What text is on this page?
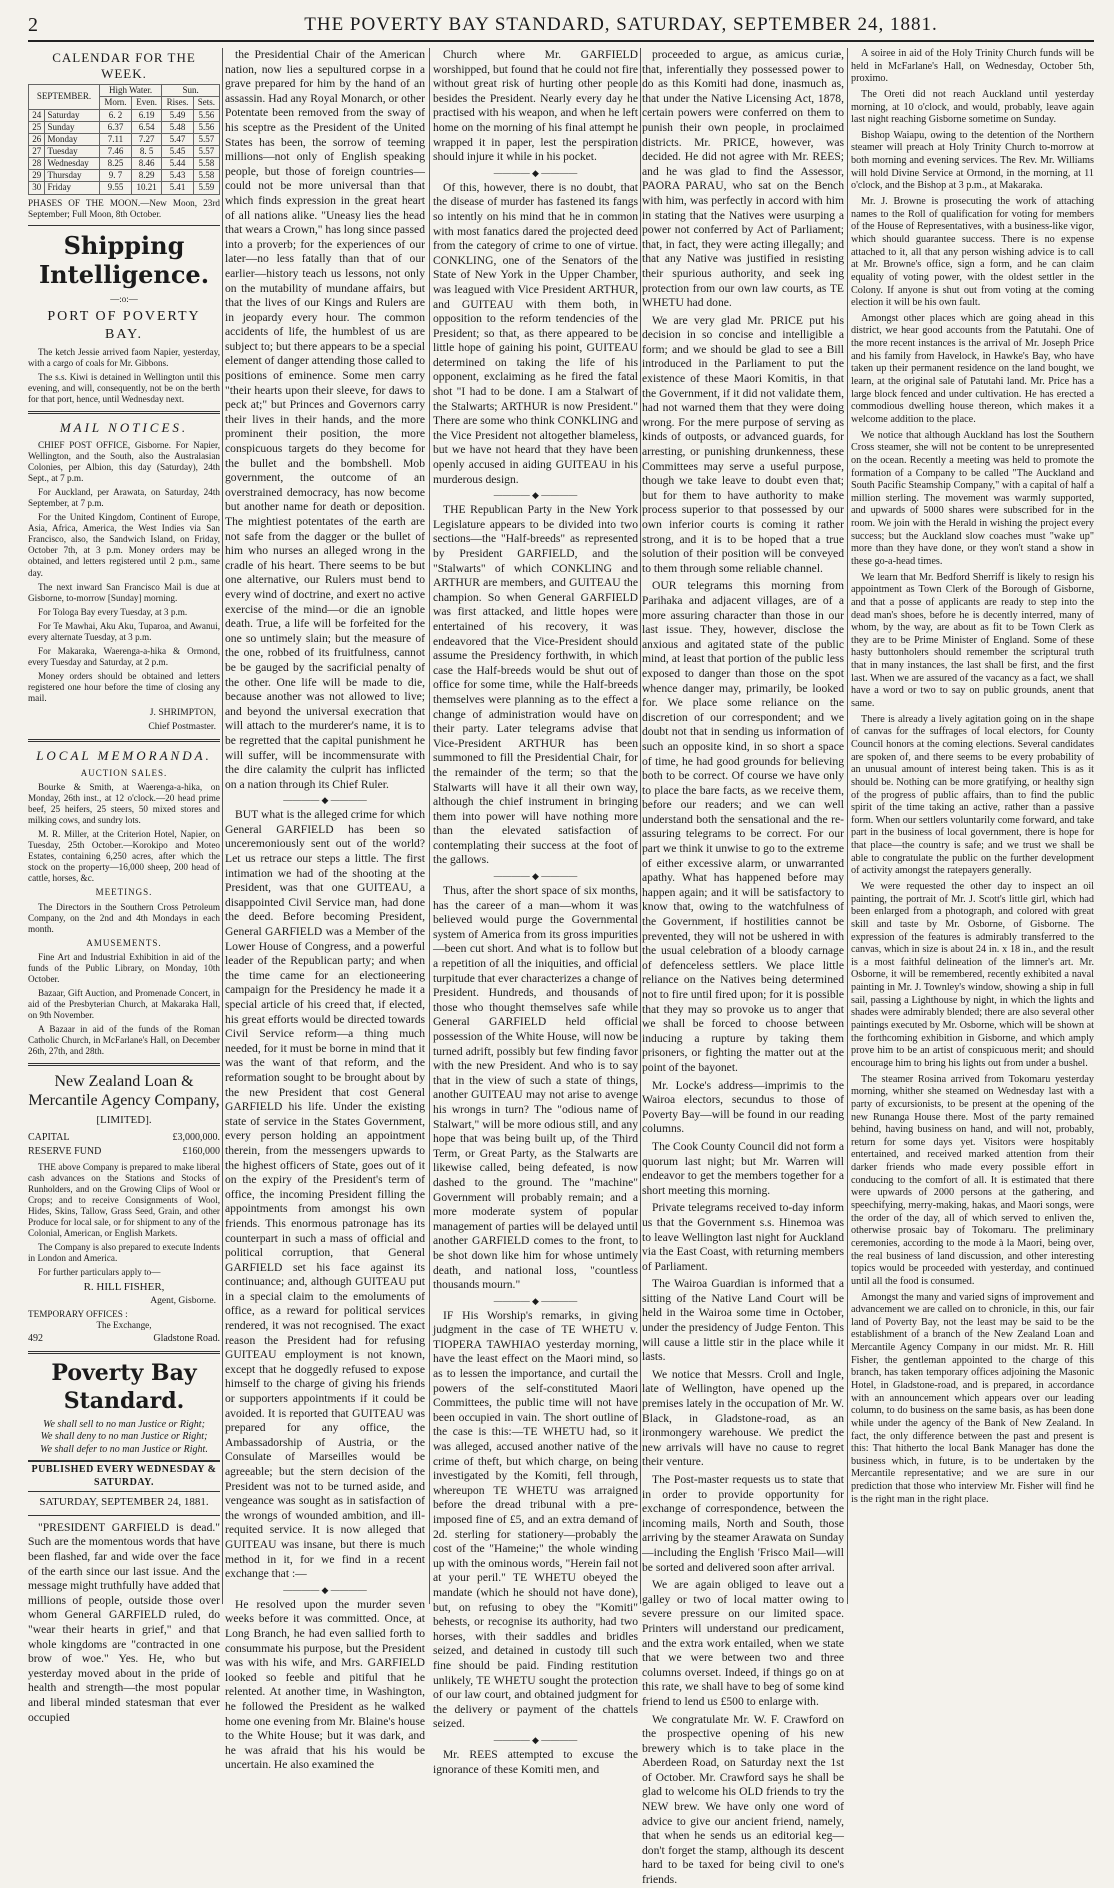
2	THE POVERTY BAY STANDARD, SATURDAY, SEPTEMBER 24, 1881.
CALENDAR FOR THE WEEK.
SEPTEMBER.		High Water.		Sun.	
		Morn.	Even.	Rises.	Sets.
24	Saturday	6. 2	6.19	5.49	5.56
25	Sunday	6.37	6.54	5.48	5.56
26	Monday	7.11	7.27	5.47	5.57
27	Tuesday	7.46	8. 5	5.45	5.57
28	Wednesday	8.25	8.46	5.44	5.58
29	Thursday	9. 7	8.29	5.43	5.58
30	Friday	9.55	10.21	5.41	5.59

PHASES OF THE MOON.—New Moon, 23rd September; Full Moon, 8th October.

Shipping Intelligence.
—:o:—
PORT OF POVERTY BAY.

The ketch Jessie arrived faom Napier, yesterday, with a cargo of coals for Mr. Gibbons.

The s.s. Kiwi is detained in Wellington until this evening, and will, consequently, not be on the berth for that port, hence, until Wednesday next.

MAIL NOTICES.

CHIEF POST OFFICE, Gisborne. For Napier, Wellington, and the South, also the Australasian Colonies, per Albion, this day (Saturday), 24th Sept., at 7 p.m.

For Auckland, per Arawata, on Saturday, 24th September, at 7 p.m.

For the United Kingdom, Continent of Europe, Asia, Africa, America, the West Indies via San Francisco, also, the Sandwich Island, on Friday, October 7th, at 3 p.m. Money orders may be obtained, and letters registered until 2 p.m., same day.

The next inward San Francisco Mail is due at Gisborne, to-morrow [Sunday] morning.

For Tologa Bay every Tuesday, at 3 p.m.

For Te Mawhai, Aku Aku, Tuparoa, and Awanui, every alternate Tuesday, at 3 p.m.

For Makaraka, Waerenga-a-hika & Ormond, every Tuesday and Saturday, at 2 p.m.

Money orders should be obtained and letters registered one hour before the time of closing any mail.

J. SHRIMPTON,
Chief Postmaster.
LOCAL MEMORANDA.
AUCTION SALES.

Bourke & Smith, at Waerenga-a-hika, on Monday, 26th inst., at 12 o'clock.—20 head prime beef, 25 heifers, 25 steers, 50 mixed stores and milking cows, and sundry lots.

M. R. Miller, at the Criterion Hotel, Napier, on Tuesday, 25th October.—Korokipo and Moteo Estates, containing 6,250 acres, after which the stock on the property—16,000 sheep, 200 head of cattle, horses, &c.

MEETINGS.

The Directors in the Southern Cross Petroleum Company, on the 2nd and 4th Mondays in each month.

AMUSEMENTS.

Fine Art and Industrial Exhibition in aid of the funds of the Public Library, on Monday, 10th October.

Bazaar, Gift Auction, and Promenade Concert, in aid of the Presbyterian Church, at Makaraka Hall, on 9th November.

A Bazaar in aid of the funds of the Roman Catholic Church, in McFarlane's Hall, on December 26th, 27th, and 28th.

New Zealand Loan & Mercantile Agency Company,
[LIMITED].
CAPITAL	£3,000,000.
RESERVE FUND	£160,000

THE above Company is prepared to make liberal cash advances on the Stations and Stocks of Runholders, and on the Growing Clips of Wool or Crops; and to receive Consignments of Wool, Hides, Skins, Tallow, Grass Seed, Grain, and other Produce for local sale, or for shipment to any of the Colonial, American, or English Markets.

The Company is also prepared to execute Indents in London and America.

For further particulars apply to—

R. HILL FISHER,
Agent, Gisborne.
TEMPORARY OFFICES :
The Exchange,
492	Gladstone Road.
Poverty Bay Standard.
We shall sell to no man Justice or Right;
We shall deny to no man Justice or Right;
We shall defer to no man Justice or Right.
PUBLISHED EVERY WEDNESDAY & SATURDAY.
SATURDAY, SEPTEMBER 24, 1881.

"PRESIDENT GARFIELD is dead." Such are the momentous words that have been flashed, far and wide over the face of the earth since our last issue. And the message might truthfully have added that millions of people, outside those over whom General GARFIELD ruled, do "wear their hearts in grief," and that whole kingdoms are "contracted in one brow of woe." Yes. He, who but yesterday moved about in the pride of health and strength—the most popular and liberal minded statesman that ever occupied

the Presidential Chair of the American nation, now lies a sepultured corpse in a grave prepared for him by the hand of an assassin. Had any Royal Monarch, or other Potentate been removed from the sway of his sceptre as the President of the United States has been, the sorrow of teeming millions—not only of English speaking people, but those of foreign countries—could not be more universal than that which finds expression in the great heart of all nations alike. "Uneasy lies the head that wears a Crown," has long since passed into a proverb; for the experiences of our later—no less fatally than that of our earlier—history teach us lessons, not only on the mutability of mundane affairs, but that the lives of our Kings and Rulers are in jeopardy every hour. The common accidents of life, the humblest of us are subject to; but there appears to be a special element of danger attending those called to positions of eminence. Some men carry "their hearts upon their sleeve, for daws to peck at;" but Princes and Governors carry their lives in their hands, and the more prominent their position, the more conspicuous targets do they become for the bullet and the bombshell. Mob government, the outcome of an overstrained democracy, has now become but another name for death or deposition. The mightiest potentates of the earth are not safe from the dagger or the bullet of him who nurses an alleged wrong in the cradle of his heart. There seems to be but one alternative, our Rulers must bend to every wind of doctrine, and exert no active exercise of the mind—or die an ignoble death. True, a life will be forfeited for the one so untimely slain; but the measure of the one, robbed of its fruitfulness, cannot be be gauged by the sacrificial penalty of the other. One life will be made to die, because another was not allowed to live; and beyond the universal execration that will attach to the murderer's name, it is to be regretted that the capital punishment he will suffer, will be incommensurate with the dire calamity the culprit has inflicted on a nation through its Chief Ruler.

———— ◆ ————

BUT what is the alleged crime for which General GARFIELD has been so unceremoniously sent out of the world? Let us retrace our steps a little. The first intimation we had of the shooting at the President, was that one GUITEAU, a disappointed Civil Service man, had done the deed. Before becoming President, General GARFIELD was a Member of the Lower House of Congress, and a powerful leader of the Republican party; and when the time came for an electioneering campaign for the Presidency he made it a special article of his creed that, if elected, his great efforts would be directed towards Civil Service reform—a thing much needed, for it must be borne in mind that it was the want of that reform, and the reformation sought to be brought about by the new President that cost General GARFIELD his life. Under the existing state of service in the States Government, every person holding an appointment therein, from the messengers upwards to the highest officers of State, goes out of it on the expiry of the President's term of office, the incoming President filling the appointments from amongst his own friends. This enormous patronage has its counterpart in such a mass of official and political corruption, that General GARFIELD set his face against its continuance; and, although GUITEAU put in a special claim to the emoluments of office, as a reward for political services rendered, it was not recognised. The exact reason the President had for refusing GUITEAU employment is not known, except that he doggedly refused to expose himself to the charge of giving his friends or supporters appointments if it could be avoided. It is reported that GUITEAU was prepared for any office, the Ambassadorship of Austria, or the Consulate of Marseilles would be agreeable; but the stern decision of the President was not to be turned aside, and vengeance was sought as in satisfaction of the wrongs of wounded ambition, and ill-requited service. It is now alleged that GUITEAU was insane, but there is much method in it, for we find in a recent exchange that :—

———— ◆ ————

He resolved upon the murder seven weeks before it was committed. Once, at Long Branch, he had even sallied forth to consummate his purpose, but the President was with his wife, and Mrs. GARFIELD looked so feeble and pitiful that he relented. At another time, in Washington, he followed the President as he walked home one evening from Mr. Blaine's house to the White House; but it was dark, and he was afraid that his his would be uncertain. He also examined the

Church where Mr. GARFIELD worshipped, but found that he could not fire without great risk of hurting other people besides the President. Nearly every day he practised with his weapon, and when he left home on the morning of his final attempt he wrapped it in paper, lest the perspiration should injure it while in his pocket.

———— ◆ ————

Of this, however, there is no doubt, that the disease of murder has fastened its fangs so intently on his mind that he in common with most fanatics dared the projected deed from the category of crime to one of virtue. CONKLING, one of the Senators of the State of New York in the Upper Chamber, was leagued with Vice President ARTHUR, and GUITEAU with them both, in opposition to the reform tendencies of the President; so that, as there appeared to be little hope of gaining his point, GUITEAU determined on taking the life of his opponent, exclaiming as he fired the fatal shot "I had to be done. I am a Stalwart of the Stalwarts; ARTHUR is now President." There are some who think CONKLING and the Vice President not altogether blameless, but we have not heard that they have been openly accused in aiding GUITEAU in his murderous design.

———— ◆ ————

THE Republican Party in the New York Legislature appears to be divided into two sections—the "Half-breeds" as represented by President GARFIELD, and the "Stalwarts" of which CONKLING and ARTHUR are members, and GUITEAU the champion. So when General GARFIELD was first attacked, and little hopes were entertained of his recovery, it was endeavored that the Vice-President should assume the Presidency forthwith, in which case the Half-breeds would be shut out of office for some time, while the Half-breeds themselves were planning as to the effect a change of administration would have on their party. Later telegrams advise that Vice-President ARTHUR has been summoned to fill the Presidential Chair, for the remainder of the term; so that the Stalwarts will have it all their own way, although the chief instrument in bringing them into power will have nothing more than the elevated satisfaction of contemplating their success at the foot of the gallows.

———— ◆ ————

Thus, after the short space of six months, has the career of a man—whom it was believed would purge the Governmental system of America from its gross impurities—been cut short. And what is to follow but a repetition of all the iniquities, and official turpitude that ever characterizes a change of President. Hundreds, and thousands of those who thought themselves safe while General GARFIELD held official possession of the White House, will now be turned adrift, possibly but few finding favor with the new President. And who is to say that in the view of such a state of things, another GUITEAU may not arise to avenge his wrongs in turn? The "odious name of Stalwart," will be more odious still, and any hope that was being built up, of the Third Term, or Great Party, as the Stalwarts are likewise called, being defeated, is now dashed to the ground. The "machine" Government will probably remain; and a more moderate system of popular management of parties will be delayed until another GARFIELD comes to the front, to be shot down like him for whose untimely death, and national loss, "countless thousands mourn."

———— ◆ ————

IF His Worship's remarks, in giving judgment in the case of TE WHETU v. TIOPERA TAWHIAO yesterday morning, have the least effect on the Maori mind, so as to lessen the importance, and curtail the powers of the self-constituted Maori Committees, the public time will not have been occupied in vain. The short outline of the case is this:—TE WHETU had, so it was alleged, accused another native of the crime of theft, but which charge, on being investigated by the Komiti, fell through, whereupon TE WHETU was arraigned before the dread tribunal with a pre-imposed fine of £5, and an extra demand of 2d. sterling for stationery—probably the cost of the "Hameine;" the whole winding up with the ominous words, "Herein fail not at your peril." TE WHETU obeyed the mandate (which he should not have done), but, on refusing to obey the "Komiti" behests, or recognise its authority, had two horses, with their saddles and bridles seized, and detained in custody till such fine should be paid. Finding restitution unlikely, TE WHETU sought the protection of our law court, and obtained judgment for the delivery or payment of the chattels seized.

———— ◆ ————

Mr. REES attempted to excuse the ignorance of these Komiti men, and

proceeded to argue, as amicus curiæ, that, inferentially they possessed power to do as this Komiti had done, inasmuch as, that under the Native Licensing Act, 1878, certain powers were conferred on them to punish their own people, in proclaimed districts. Mr. PRICE, however, was decided. He did not agree with Mr. REES; and he was glad to find the Assessor, PAORA PARAU, who sat on the Bench with him, was perfectly in accord with him in stating that the Natives were usurping a power not conferred by Act of Parliament; that, in fact, they were acting illegally; and that any Native was justified in resisting their spurious authority, and seek ing protection from our own law courts, as TE WHETU had done.

We are very glad Mr. PRICE put his decision in so concise and intelligible a form; and we should be glad to see a Bill introduced in the Parliament to put the existence of these Maori Komitis, in that the Government, if it did not validate them, had not warned them that they were doing wrong. For the mere purpose of serving as kinds of outposts, or advanced guards, for arresting, or punishing drunkenness, these Committees may serve a useful purpose, though we take leave to doubt even that; but for them to have authority to make process superior to that possessed by our own inferior courts is coming it rather strong, and it is to be hoped that a true solution of their position will be conveyed to them through some reliable channel.

OUR telegrams this morning from Parihaka and adjacent villages, are of a more assuring character than those in our last issue. They, however, disclose the anxious and agitated state of the public mind, at least that portion of the public less exposed to danger than those on the spot whence danger may, primarily, be looked for. We place some reliance on the discretion of our correspondent; and we doubt not that in sending us information of such an opposite kind, in so short a space of time, he had good grounds for believing both to be correct. Of course we have only to place the bare facts, as we receive them, before our readers; and we can well understand both the sensational and the re-assuring telegrams to be correct. For our part we think it unwise to go to the extreme of either excessive alarm, or unwarranted apathy. What has happened before may happen again; and it will be satisfactory to know that, owing to the watchfulness of the Government, if hostilities cannot be prevented, they will not be ushered in with the usual celebration of a bloody carnage of defenceless settlers. We place little reliance on the Natives being determined not to fire until fired upon; for it is possible that they may so provoke us to anger that we shall be forced to choose between inducing a rupture by taking them prisoners, or fighting the matter out at the point of the bayonet.

Mr. Locke's address—imprimis to the Wairoa electors, secundus to those of Poverty Bay—will be found in our reading columns.

The Cook County Council did not form a quorum last night; but Mr. Warren will endeavor to get the members together for a short meeting this morning.

Private telegrams received to-day inform us that the Government s.s. Hinemoa was to leave Wellington last night for Auckland via the East Coast, with returning members of Parliament.

The Wairoa Guardian is informed that a sitting of the Native Land Court will be held in the Wairoa some time in October, under the presidency of Judge Fenton. This will cause a little stir in the place while it lasts.

We notice that Messrs. Croll and Ingle, late of Wellington, have opened up the premises lately in the occupation of Mr. W. Black, in Gladstone-road, as an ironmongery warehouse. We predict the new arrivals will have no cause to regret their venture.

The Post-master requests us to state that in order to provide opportunity for exchange of correspondence, between the incoming mails, North and South, those arriving by the steamer Arawata on Sunday—including the English 'Frisco Mail—will be sorted and delivered soon after arrival.

We are again obliged to leave out a galley or two of local matter owing to severe pressure on our limited space. Printers will understand our predicament, and the extra work entailed, when we state that we were between two and three columns overset. Indeed, if things go on at this rate, we shall have to beg of some kind friend to lend us £500 to enlarge with.

We congratulate Mr. W. F. Crawford on the prospective opening of his new brewery which is to take place in the Aberdeen Road, on Saturday next the 1st of October. Mr. Crawford says he shall be glad to welcome his OLD friends to try the NEW brew. We have only one word of advice to give our ancient friend, namely, that when he sends us an editorial keg—don't forget the stamp, although its descent hard to be taxed for being civil to one's friends.

A soiree in aid of the Holy Trinity Church funds will be held in McFarlane's Hall, on Wednesday, October 5th, proximo.

The Oreti did not reach Auckland until yesterday morning, at 10 o'clock, and would, probably, leave again last night reaching Gisborne sometime on Sunday.

Bishop Waiapu, owing to the detention of the Northern steamer will preach at Holy Trinity Church to-morrow at both morning and evening services. The Rev. Mr. Williams will hold Divine Service at Ormond, in the morning, at 11 o'clock, and the Bishop at 3 p.m., at Makaraka.

Mr. J. Browne is prosecuting the work of attaching names to the Roll of qualification for voting for members of the House of Representatives, with a business-like vigor, which should guarantee success. There is no expense attached to it, all that any person wishing advice is to call at Mr. Browne's office, sign a form, and he can claim equality of voting power, with the oldest settler in the Colony. If anyone is shut out from voting at the coming election it will be his own fault.

Amongst other places which are going ahead in this district, we hear good accounts from the Patutahi. One of the more recent instances is the arrival of Mr. Joseph Price and his family from Havelock, in Hawke's Bay, who have taken up their permanent residence on the land bought, we learn, at the original sale of Patutahi land. Mr. Price has a large block fenced and under cultivation. He has erected a commodious dwelling house thereon, which makes it a welcome addition to the place.

We notice that although Auckland has lost the Southern Cross steamer, she will not be content to be unrepresented on the ocean. Recently a meeting was held to promote the formation of a Company to be called "The Auckland and South Pacific Steamship Company," with a capital of half a million sterling. The movement was warmly supported, and upwards of 5000 shares were subscribed for in the room. We join with the Herald in wishing the project every success; but the Auckland slow coaches must "wake up" more than they have done, or they won't stand a show in these go-a-head times.

We learn that Mr. Bedford Sherriff is likely to resign his appointment as Town Clerk of the Borough of Gisborne, and that a posse of applicants are ready to step into the dead man's shoes, before he is decently interred, many of whom, by the way, are about as fit to be Town Clerk as they are to be Prime Minister of England. Some of these hasty buttonholers should remember the scriptural truth that in many instances, the last shall be first, and the first last. When we are assured of the vacancy as a fact, we shall have a word or two to say on public grounds, anent that same.

There is already a lively agitation going on in the shape of canvas for the suffrages of local electors, for County Council honors at the coming elections. Several candidates are spoken of, and there seems to be every probability of an unusual amount of interest being taken. This is as it should be. Nothing can be more gratifying, or healthy sign of the progress of public affairs, than to find the public spirit of the time taking an active, rather than a passive form. When our settlers voluntarily come forward, and take part in the business of local government, there is hope for that place—the country is safe; and we trust we shall be able to congratulate the public on the further development of activity amongst the ratepayers generally.

We were requested the other day to inspect an oil painting, the portrait of Mr. J. Scott's little girl, which had been enlarged from a photograph, and colored with great skill and taste by Mr. Osborne, of Gisborne. The expression of the features is admirably transferred to the canvas, which in size is about 24 in. x 18 in., and the result is a most faithful delineation of the limner's art. Mr. Osborne, it will be remembered, recently exhibited a naval painting in Mr. J. Townley's window, showing a ship in full sail, passing a Lighthouse by night, in which the lights and shades were admirably blended; there are also several other paintings executed by Mr. Osborne, which will be shown at the forthcoming exhibition in Gisborne, and which amply prove him to be an artist of conspicuous merit; and should encourage him to bring his lights out from under a bushel.

The steamer Rosina arrived from Tokomaru yesterday morning, whither she steamed on Wednesday last with a party of excursionists, to be present at the opening of the new Runanga House there. Most of the party remained behind, having business on hand, and will not, probably, return for some days yet. Visitors were hospitably entertained, and received marked attention from their darker friends who made every possible effort in conducing to the comfort of all. It is estimated that there were upwards of 2000 persons at the gathering, and speechifying, merry-making, hakas, and Maori songs, were the order of the day, all of which served to enliven the, otherwise prosaic bay of Tokomaru. The preliminary ceremonies, according to the mode à la Maori, being over, the real business of land discussion, and other interesting topics would be proceeded with yesterday, and continued until all the food is consumed.

Amongst the many and varied signs of improvement and advancement we are called on to chronicle, in this, our fair land of Poverty Bay, not the least may be said to be the establishment of a branch of the New Zealand Loan and Mercantile Agency Company in our midst. Mr. R. Hill Fisher, the gentleman appointed to the charge of this branch, has taken temporary offices adjoining the Masonic Hotel, in Gladstone-road, and is prepared, in accordance with an announcement which appears over our leading column, to do business on the same basis, as has been done while under the agency of the Bank of New Zealand. In fact, the only difference between the past and present is this: That hitherto the local Bank Manager has done the business which, in future, is to be undertaken by the Mercantile representative; and we are sure in our prediction that those who interview Mr. Fisher will find he is the right man in the right place.
